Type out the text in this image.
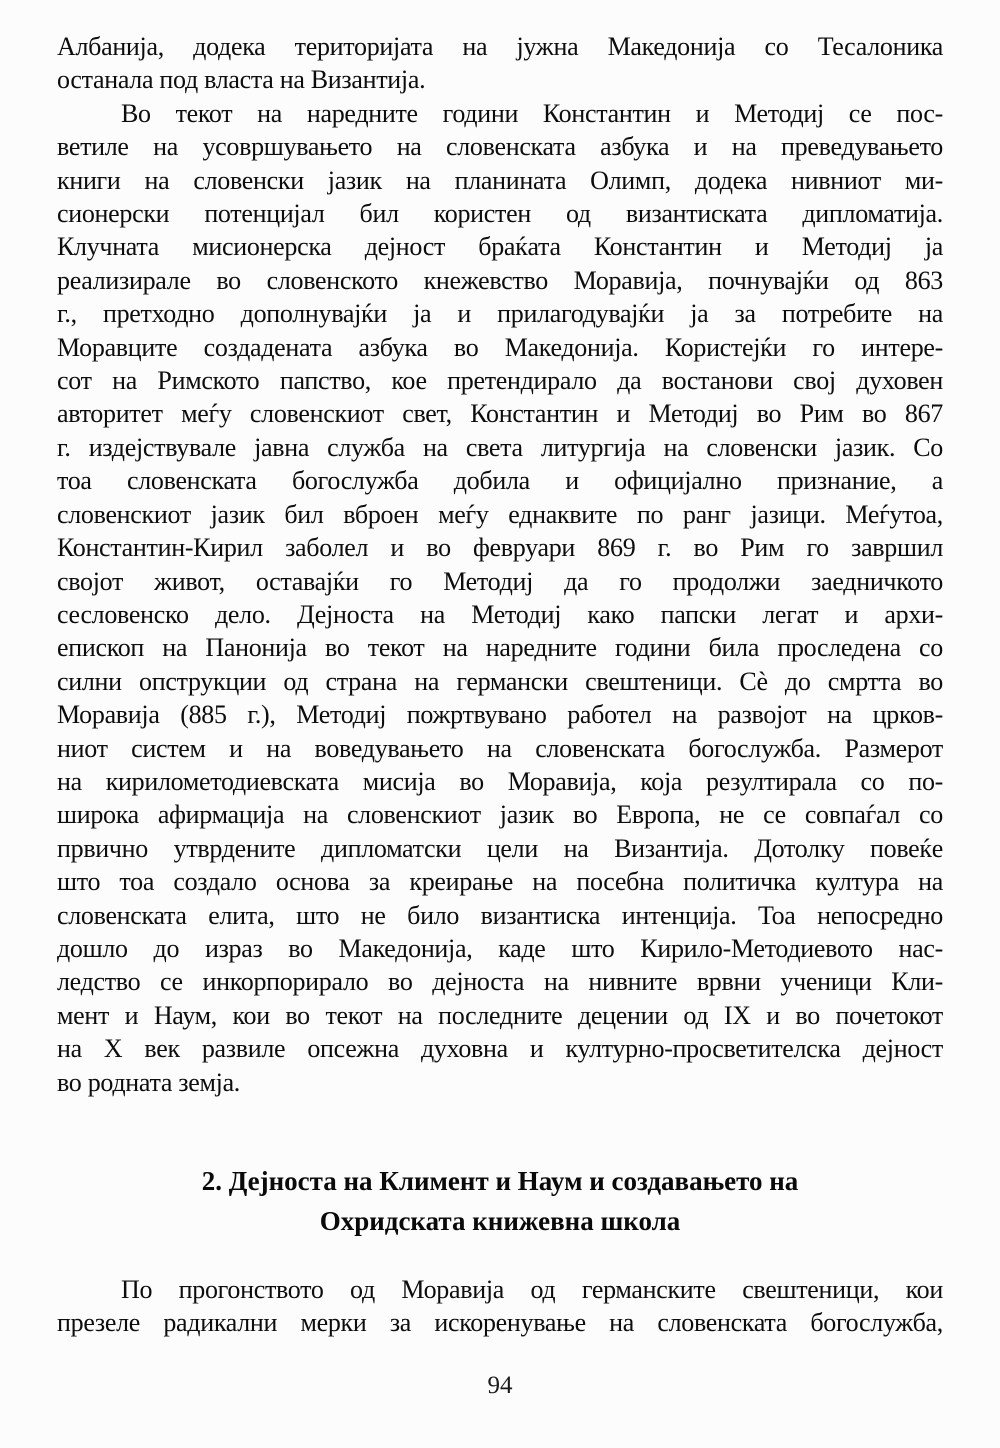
Албанија, додека територијата на јужна Македонија со Тесалоника
останала под власта на Византија.
Во текот на наредните години Константин и Методиј се пос-
ветиле на усовршувањето на словенската азбука и на преведувањето
книги на словенски јазик на планината Олимп, додека нивниот ми-
сионерски потенцијал бил користен од византиската дипломатија.
Клучната мисионерска дејност браќата Константин и Методиј ја
реализирале во словенското кнежевство Моравија, почнувајќи од 863
г., претходно дополнувајќи ја и прилагодувајќи ја за потребите на
Моравците создадената азбука во Македонија. Користејќи го интере-
сот на Римското папство, кое претендирало да востанови свој духовен
авторитет меѓу словенскиот свет, Константин и Методиј во Рим во 867
г. издејствувале јавна служба на света литургија на словенски јазик. Со
тоа словенската богослужба добила и официјално признание, а
словенскиот јазик бил вброен меѓу еднаквите по ранг јазици. Меѓутоа,
Константин-Кирил заболел и во февруари 869 г. во Рим го завршил
својот живот, оставајќи го Методиј да го продолжи заедничкото
сесловенско дело. Дејноста на Методиј како папски легат и архи-
епископ на Панонија во текот на наредните години била проследена со
силни опструкции од страна на германски свештеници. Сè до смртта во
Моравија (885 г.), Методиј пожртвувано работел на развојот на црков-
ниот систем и на воведувањето на словенската богослужба. Размерот
на кирилометодиевската мисија во Моравија, која резултирала со по-
широка афирмација на словенскиот јазик во Европа, не се совпаѓал со
првично утврдените дипломатски цели на Византија. Дотолку повеќе
што тоа создало основа за креирање на посебна политичка култура на
словенската елита, што не било византиска интенција. Тоа непосредно
дошло до израз во Македонија, каде што Кирило-Методиевото нас-
ледство се инкорпорирало во дејноста на нивните врвни ученици Кли-
мент и Наум, кои во текот на последните децении од IX и во почетокот
на X век развиле опсежна духовна и културно-просветителска дејност
во родната земја.
2. Дејноста на Климент и Наум и создавањето на
Охридската книжевна школа
По прогонството од Моравија од германските свештеници, кои
презеле радикални мерки за искоренување на словенската богослужба,
94
